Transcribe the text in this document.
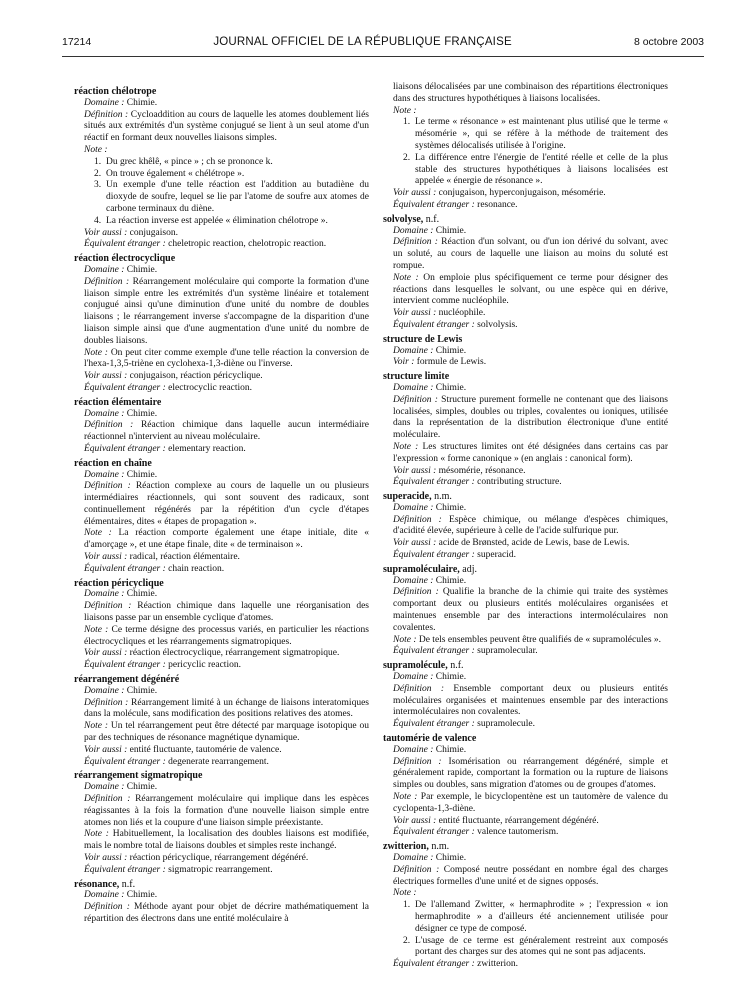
17214	JOURNAL OFFICIEL DE LA RÉPUBLIQUE FRANÇAISE	8 octobre 2003
réaction chélotrope
Domaine : Chimie.
Définition : Cycloaddition au cours de laquelle les atomes doublement liés situés aux extrémités d'un système conjugué se lient à un seul atome d'un réactif en formant deux nouvelles liaisons simples.
Note :
1. Du grec khêlê, « pince » ; ch se prononce k.
2. On trouve également « chélétrope ».
3. Un exemple d'une telle réaction est l'addition au butadiène du dioxyde de soufre, lequel se lie par l'atome de soufre aux atomes de carbone terminaux du diène.
4. La réaction inverse est appelée « élimination chélotrope ».
Voir aussi : conjugaison.
Équivalent étranger : cheletropic reaction, chelotropic reaction.
réaction électrocyclique
Domaine : Chimie.
Définition : Réarrangement moléculaire qui comporte la formation d'une liaison simple entre les extrémités d'un système linéaire et totalement conjugué ainsi qu'une diminution d'une unité du nombre de doubles liaisons ; le réarrangement inverse s'accompagne de la disparition d'une liaison simple ainsi que d'une augmentation d'une unité du nombre de doubles liaisons.
Note : On peut citer comme exemple d'une telle réaction la conversion de l'hexa-1,3,5-triène en cyclohexa-1,3-diène ou l'inverse.
Voir aussi : conjugaison, réaction péricyclique.
Équivalent étranger : electrocyclic reaction.
réaction élémentaire
Domaine : Chimie.
Définition : Réaction chimique dans laquelle aucun intermédiaire réactionnel n'intervient au niveau moléculaire.
Équivalent étranger : elementary reaction.
réaction en chaîne
Domaine : Chimie.
Définition : Réaction complexe au cours de laquelle un ou plusieurs intermédiaires réactionnels, qui sont souvent des radicaux, sont continuellement régénérés par la répétition d'un cycle d'étapes élémentaires, dites « étapes de propagation ».
Note : La réaction comporte également une étape initiale, dite « d'amorçage », et une étape finale, dite « de terminaison ».
Voir aussi : radical, réaction élémentaire.
Équivalent étranger : chain reaction.
réaction péricyclique
Domaine : Chimie.
Définition : Réaction chimique dans laquelle une réorganisation des liaisons passe par un ensemble cyclique d'atomes.
Note : Ce terme désigne des processus variés, en particulier les réactions électrocycliques et les réarrangements sigmatropiques.
Voir aussi : réaction électrocyclique, réarrangement sigmatropique.
Équivalent étranger : pericyclic reaction.
réarrangement dégénéré
Domaine : Chimie.
Définition : Réarrangement limité à un échange de liaisons interatomiques dans la molécule, sans modification des positions relatives des atomes.
Note : Un tel réarrangement peut être détecté par marquage isotopique ou par des techniques de résonance magnétique dynamique.
Voir aussi : entité fluctuante, tautomérie de valence.
Équivalent étranger : degenerate rearrangement.
réarrangement sigmatropique
Domaine : Chimie.
Définition : Réarrangement moléculaire qui implique dans les espèces réagissantes à la fois la formation d'une nouvelle liaison simple entre atomes non liés et la coupure d'une liaison simple préexistante.
Note : Habituellement, la localisation des doubles liaisons est modifiée, mais le nombre total de liaisons doubles et simples reste inchangé.
Voir aussi : réaction péricyclique, réarrangement dégénéré.
Équivalent étranger : sigmatropic rearrangement.
résonance, n.f.
Domaine : Chimie.
Définition : Méthode ayant pour objet de décrire mathématiquement la répartition des électrons dans une entité moléculaire à
liaisons délocalisées par une combinaison des répartitions électroniques dans des structures hypothétiques à liaisons localisées.
Note :
1. Le terme « résonance » est maintenant plus utilisé que le terme « mésomérie », qui se réfère à la méthode de traitement des systèmes délocalisés utilisée à l'origine.
2. La différence entre l'énergie de l'entité réelle et celle de la plus stable des structures hypothétiques à liaisons localisées est appelée « énergie de résonance ».
Voir aussi : conjugaison, hyperconjugaison, mésomérie.
Équivalent étranger : resonance.
solvolyse, n.f.
Domaine : Chimie.
Définition : Réaction d'un solvant, ou d'un ion dérivé du solvant, avec un soluté, au cours de laquelle une liaison au moins du soluté est rompue.
Note : On emploie plus spécifiquement ce terme pour désigner des réactions dans lesquelles le solvant, ou une espèce qui en dérive, intervient comme nucléophile.
Voir aussi : nucléophile.
Équivalent étranger : solvolysis.
structure de Lewis
Domaine : Chimie.
Voir : formule de Lewis.
structure limite
Domaine : Chimie.
Définition : Structure purement formelle ne contenant que des liaisons localisées, simples, doubles ou triples, covalentes ou ioniques, utilisée dans la représentation de la distribution électronique d'une entité moléculaire.
Note : Les structures limites ont été désignées dans certains cas par l'expression « forme canonique » (en anglais : canonical form).
Voir aussi : mésomérie, résonance.
Équivalent étranger : contributing structure.
superacide, n.m.
Domaine : Chimie.
Définition : Espèce chimique, ou mélange d'espèces chimiques, d'acidité élevée, supérieure à celle de l'acide sulfurique pur.
Voir aussi : acide de Brønsted, acide de Lewis, base de Lewis.
Équivalent étranger : superacid.
supramoléculaire, adj.
Domaine : Chimie.
Définition : Qualifie la branche de la chimie qui traite des systèmes comportant deux ou plusieurs entités moléculaires organisées et maintenues ensemble par des interactions intermoléculaires non covalentes.
Note : De tels ensembles peuvent être qualifiés de « supramolécules ».
Équivalent étranger : supramolecular.
supramolécule, n.f.
Domaine : Chimie.
Définition : Ensemble comportant deux ou plusieurs entités moléculaires organisées et maintenues ensemble par des interactions intermoléculaires non covalentes.
Équivalent étranger : supramolecule.
tautomérie de valence
Domaine : Chimie.
Définition : Isomérisation ou réarrangement dégénéré, simple et généralement rapide, comportant la formation ou la rupture de liaisons simples ou doubles, sans migration d'atomes ou de groupes d'atomes.
Note : Par exemple, le bicyclopentène est un tautomère de valence du cyclopenta-1,3-diène.
Voir aussi : entité fluctuante, réarrangement dégénéré.
Équivalent étranger : valence tautomerism.
zwitterion, n.m.
Domaine : Chimie.
Définition : Composé neutre possédant en nombre égal des charges électriques formelles d'une unité et de signes opposés.
Note :
1. De l'allemand Zwitter, « hermaphrodite » ; l'expression « ion hermaphrodite » a d'ailleurs été anciennement utilisée pour désigner ce type de composé.
2. L'usage de ce terme est généralement restreint aux composés portant des charges sur des atomes qui ne sont pas adjacents.
Équivalent étranger : zwitterion.
